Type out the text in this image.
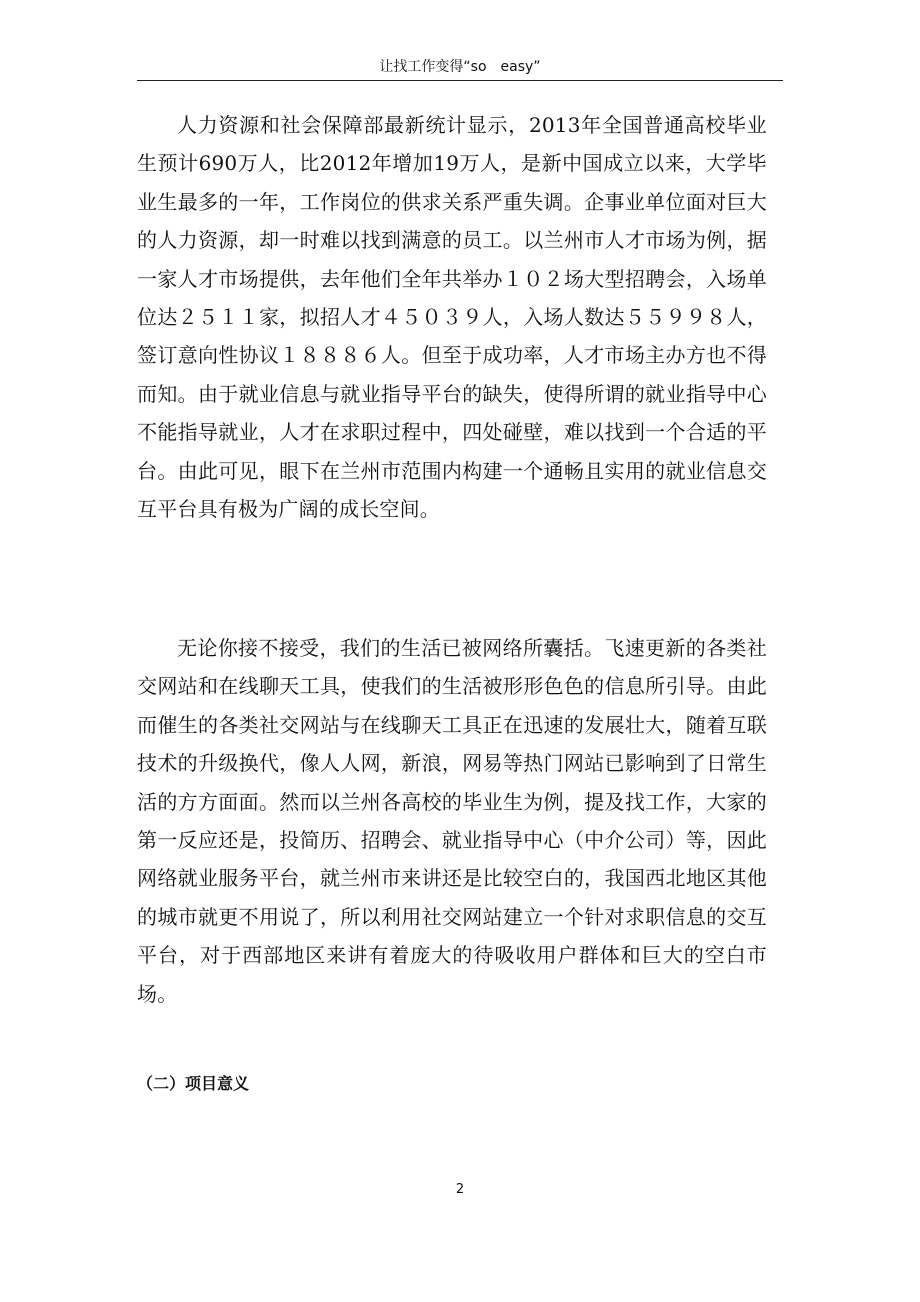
让找工作变得“so　easy”

人力资源和社会保障部最新统计显示，2013年全国普通高校毕业生预计690万人，比2012年增加19万人，是新中国成立以来，大学毕业生最多的一年，工作岗位的供求关系严重失调。企事业单位面对巨大的人力资源，却一时难以找到满意的员工。以兰州市人才市场为例，据一家人才市场提供，去年他们全年共举办１０２场大型招聘会，入场单位达２５１１家，拟招人才４５０３９人，入场人数达５５９９８人，签订意向性协议１８８８６人。但至于成功率，人才市场主办方也不得而知。由于就业信息与就业指导平台的缺失，使得所谓的就业指导中心不能指导就业，人才在求职过程中，四处碰壁，难以找到一个合适的平台。由此可见，眼下在兰州市范围内构建一个通畅且实用的就业信息交互平台具有极为广阔的成长空间。

无论你接不接受，我们的生活已被网络所囊括。飞速更新的各类社交网站和在线聊天工具，使我们的生活被形形色色的信息所引导。由此而催生的各类社交网站与在线聊天工具正在迅速的发展壮大，随着互联技术的升级换代，像人人网，新浪，网易等热门网站已影响到了日常生活的方方面面。然而以兰州各高校的毕业生为例，提及找工作，大家的第一反应还是，投简历、招聘会、就业指导中心（中介公司）等，因此网络就业服务平台，就兰州市来讲还是比较空白的，我国西北地区其他的城市就更不用说了，所以利用社交网站建立一个针对求职信息的交互平台，对于西部地区来讲有着庞大的待吸收用户群体和巨大的空白市场。

（二）项目意义
2
